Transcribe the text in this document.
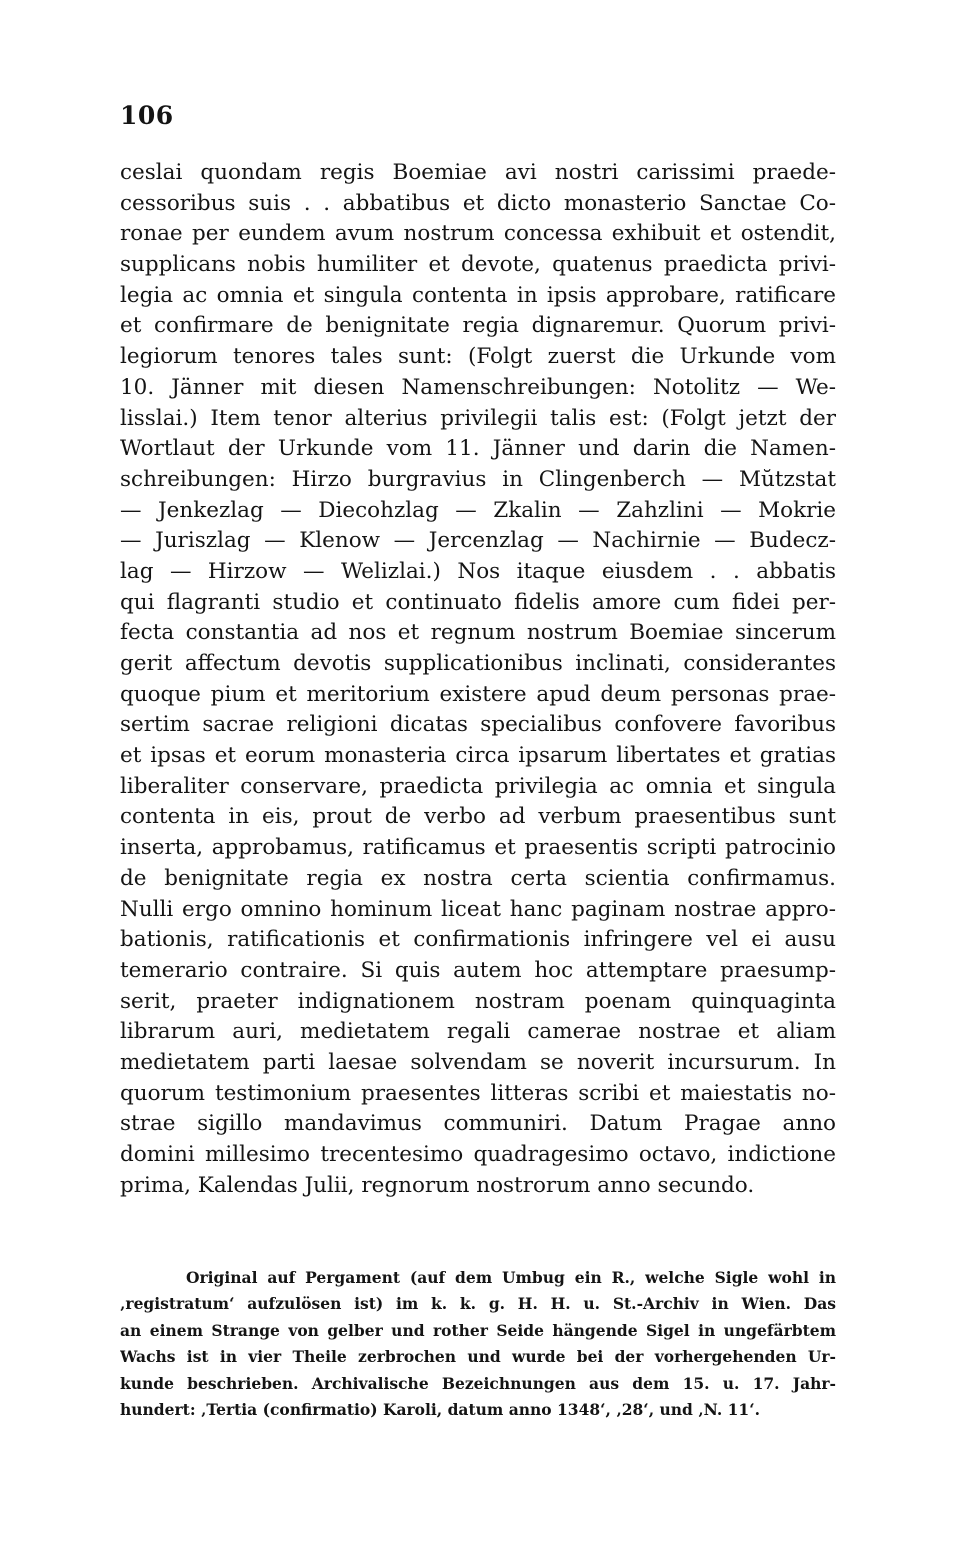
106
ceslai quondam regis Boemiae avi nostri carissimi praede-
cessoribus suis . . abbatibus et dicto monasterio Sanctae Co-
ronae per eundem avum nostrum concessa exhibuit et ostendit,
supplicans nobis humiliter et devote, quatenus praedicta privi-
legia ac omnia et singula contenta in ipsis approbare, ratificare
et confirmare de benignitate regia dignaremur. Quorum privi-
legiorum tenores tales sunt: (Folgt zuerst die Urkunde vom
10. Jänner mit diesen Namenschreibungen: Notolitz — We-
lisslai.) Item tenor alterius privilegii talis est: (Folgt jetzt der
Wortlaut der Urkunde vom 11. Jänner und darin die Namen-
schreibungen: Hirzo burgravius in Clingenberch — Mŭtzstat
— Jenkezlag — Diecohzlag — Zkalin — Zahzlini — Mokrie
— Juriszlag — Klenow — Jercenzlag — Nachirnie — Budecz-
lag — Hirzow — Welizlai.) Nos itaque eiusdem . . abbatis
qui flagranti studio et continuato fidelis amore cum fidei per-
fecta constantia ad nos et regnum nostrum Boemiae sincerum
gerit affectum devotis supplicationibus inclinati, considerantes
quoque pium et meritorium existere apud deum personas prae-
sertim sacrae religioni dicatas specialibus confovere favoribus
et ipsas et eorum monasteria circa ipsarum libertates et gratias
liberaliter conservare, praedicta privilegia ac omnia et singula
contenta in eis, prout de verbo ad verbum praesentibus sunt
inserta, approbamus, ratificamus et praesentis scripti patrocinio
de benignitate regia ex nostra certa scientia confirmamus.
Nulli ergo omnino hominum liceat hanc paginam nostrae appro-
bationis, ratificationis et confirmationis infringere vel ei ausu
temerario contraire. Si quis autem hoc attemptare praesump-
serit, praeter indignationem nostram poenam quinquaginta
librarum auri, medietatem regali camerae nostrae et aliam
medietatem parti laesae solvendam se noverit incursurum. In
quorum testimonium praesentes litteras scribi et maiestatis no-
strae sigillo mandavimus communiri. Datum Pragae anno
domini millesimo trecentesimo quadragesimo octavo, indictione
prima, Kalendas Julii, regnorum nostrorum anno secundo.
Original auf Pergament (auf dem Umbug ein R., welche Sigle wohl in
‚registratum‘ aufzulösen ist) im k. k. g. H. H. u. St.-Archiv in Wien. Das
an einem Strange von gelber und rother Seide hängende Sigel in ungefärbtem
Wachs ist in vier Theile zerbrochen und wurde bei der vorhergehenden Ur-
kunde beschrieben. Archivalische Bezeichnungen aus dem 15. u. 17. Jahr-
hundert: ‚Tertia (confirmatio) Karoli, datum anno 1348‘, ‚28‘, und ‚N. 11‘.
